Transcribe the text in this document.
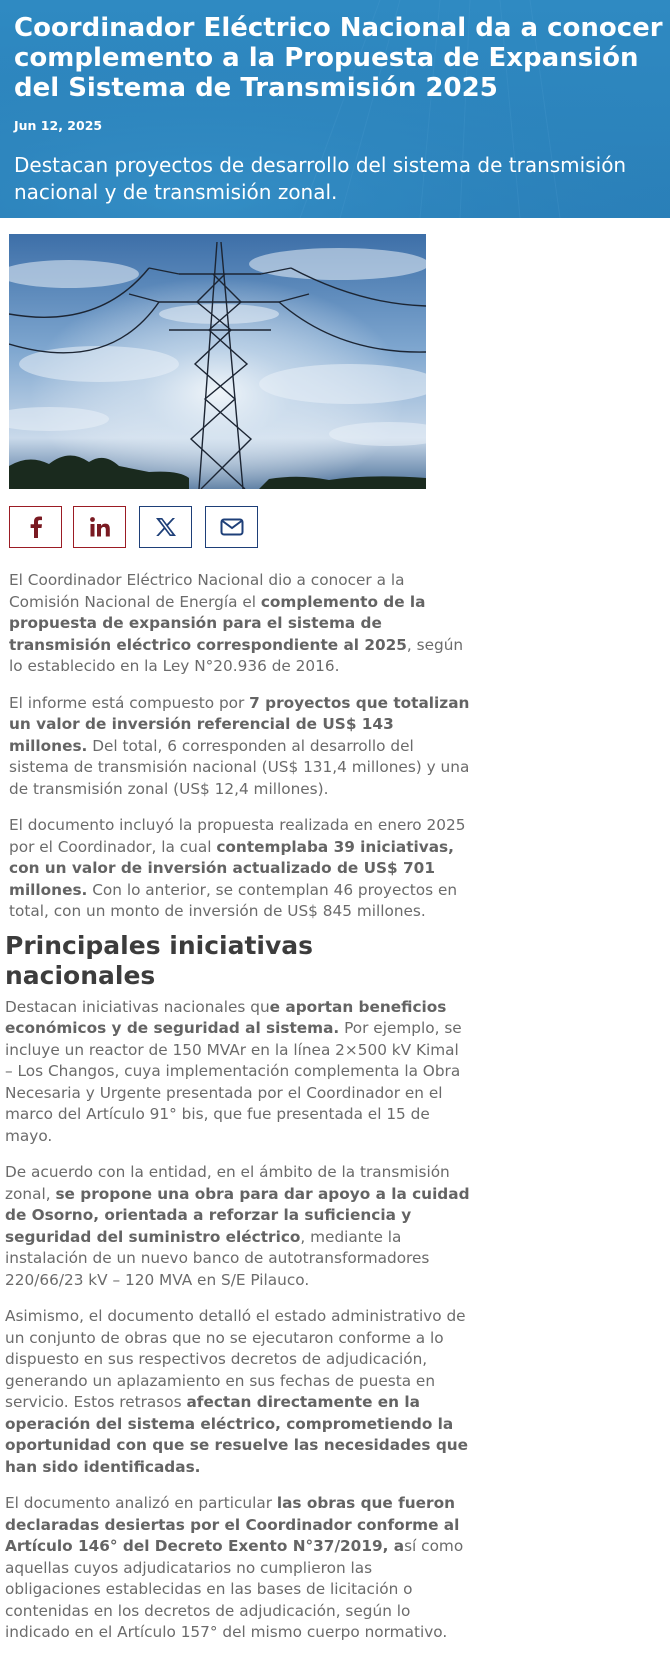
Coordinador Eléctrico Nacional da a conocer complemento a la Propuesta de Expansión del Sistema de Transmisión 2025

Jun 12, 2025

Destacan proyectos de desarrollo del sistema de transmisión nacional y de transmisión zonal.

El Coordinador Eléctrico Nacional dio a conocer a la Comisión Nacional de Energía el complemento de la propuesta de expansión para el sistema de transmisión eléctrico correspondiente al 2025, según lo establecido en la Ley N°20.936 de 2016.

El informe está compuesto por 7 proyectos que totalizan un valor de inversión referencial de US$ 143 millones. Del total, 6 corresponden al desarrollo del sistema de transmisión nacional (US$ 131,4 millones) y una de transmisión zonal (US$ 12,4 millones).

El documento incluyó la propuesta realizada en enero 2025 por el Coordinador, la cual contemplaba 39 iniciativas, con un valor de inversión actualizado de US$ 701 millones. Con lo anterior, se contemplan 46 proyectos en total, con un monto de inversión de US$ 845 millones.

Principales iniciativas nacionales

Destacan iniciativas nacionales que aportan beneficios económicos y de seguridad al sistema. Por ejemplo, se incluye un reactor de 150 MVAr en la línea 2×500 kV Kimal – Los Changos, cuya implementación complementa la Obra Necesaria y Urgente presentada por el Coordinador en el marco del Artículo 91° bis, que fue presentada el 15 de mayo.

De acuerdo con la entidad, en el ámbito de la transmisión zonal, se propone una obra para dar apoyo a la cuidad de Osorno, orientada a reforzar la suficiencia y seguridad del suministro eléctrico, mediante la instalación de un nuevo banco de autotransformadores 220/66/23 kV – 120 MVA en S/E Pilauco.

Asimismo, el documento detalló el estado administrativo de un conjunto de obras que no se ejecutaron conforme a lo dispuesto en sus respectivos decretos de adjudicación, generando un aplazamiento en sus fechas de puesta en servicio. Estos retrasos afectan directamente en la operación del sistema eléctrico, comprometiendo la oportunidad con que se resuelve las necesidades que han sido identificadas.

El documento analizó en particular las obras que fueron declaradas desiertas por el Coordinador conforme al Artículo 146° del Decreto Exento N°37/2019, así como aquellas cuyos adjudicatarios no cumplieron las obligaciones establecidas en las bases de licitación o contenidas en los decretos de adjudicación, según lo indicado en el Artículo 157° del mismo cuerpo normativo.
